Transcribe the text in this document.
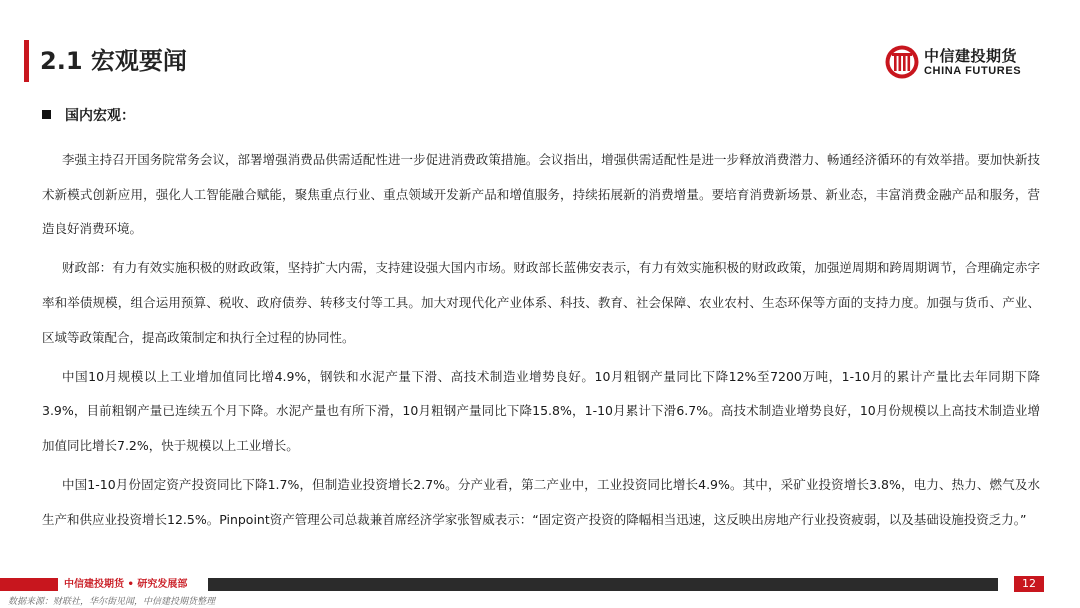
2.1 宏观要闻	中信建投期货
CHINA FUTURES
国内宏观：

李强主持召开国务院常务会议，部署增强消费品供需适配性进一步促进消费政策措施。会议指出，增强供需适配性是进一步释放消费潜力、畅通经济循环的有效举措。要加快新技术新模式创新应用，强化人工智能融合赋能，聚焦重点行业、重点领域开发新产品和增值服务，持续拓展新的消费增量。要培育消费新场景、新业态，丰富消费金融产品和服务，营造良好消费环境。

财政部：有力有效实施积极的财政政策，坚持扩大内需，支持建设强大国内市场。财政部长蓝佛安表示，有力有效实施积极的财政政策，加强逆周期和跨周期调节，合理确定赤字率和举债规模，组合运用预算、税收、政府债券、转移支付等工具。加大对现代化产业体系、科技、教育、社会保障、农业农村、生态环保等方面的支持力度。加强与货币、产业、区域等政策配合，提高政策制定和执行全过程的协同性。

中国10月规模以上工业增加值同比增4.9%，钢铁和水泥产量下滑、高技术制造业增势良好。10月粗钢产量同比下降12%至7200万吨，1-10月的累计产量比去年同期下降3.9%，目前粗钢产量已连续五个月下降。水泥产量也有所下滑，10月粗钢产量同比下降15.8%，1-10月累计下滑6.7%。高技术制造业增势良好，10月份规模以上高技术制造业增加值同比增长7.2%，快于规模以上工业增长。

中国1-10月份固定资产投资同比下降1.7%，但制造业投资增长2.7%。分产业看，第二产业中，工业投资同比增长4.9%。其中，采矿业投资增长3.8%，电力、热力、燃气及水生产和供应业投资增长12.5%。Pinpoint资产管理公司总裁兼首席经济学家张智威表示：“固定资产投资的降幅相当迅速，这反映出房地产行业投资疲弱，以及基础设施投资乏力。”

中信建投期货 • 研究发展部	12
数据来源：财联社，华尔街见闻，中信建投期货整理
